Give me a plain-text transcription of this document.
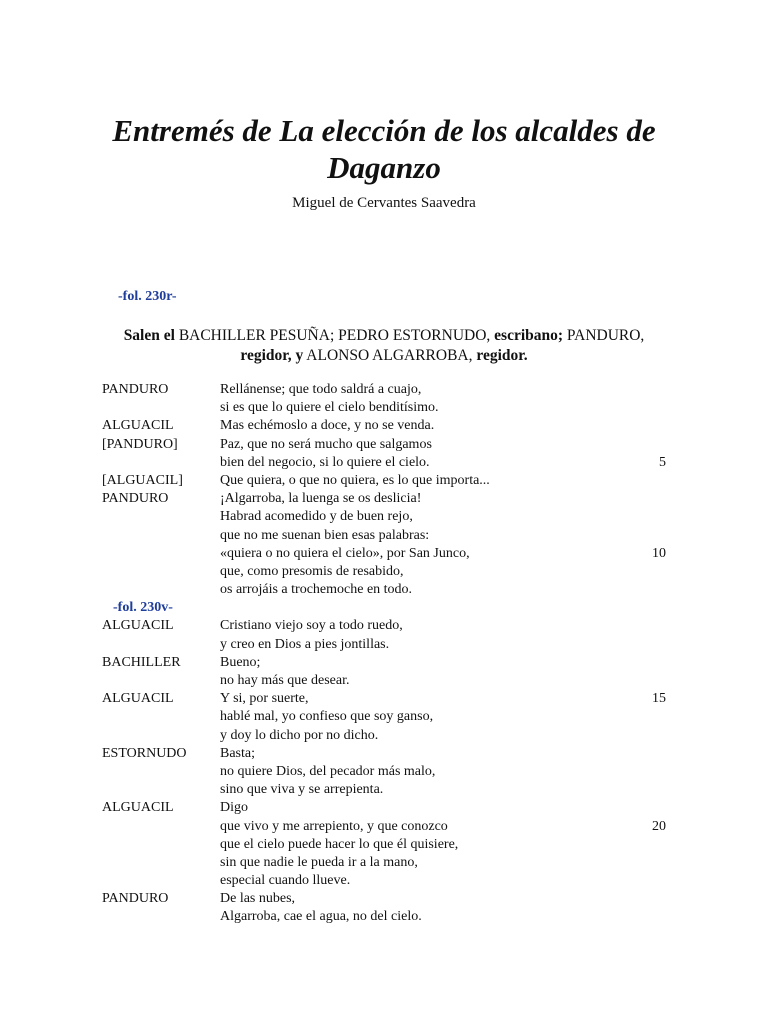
Entremés de La elección de los alcaldes de Daganzo
Miguel de Cervantes Saavedra
-fol. 230r-
Salen el BACHILLER PESUÑA; PEDRO ESTORNUDO, escribano; PANDURO,
regidor, y ALONSO ALGARROBA, regidor.
PANDURO	Rellánense; que todo saldrá a cuajo,
si es que lo quiere el cielo benditísimo.
ALGUACIL	Mas echémoslo a doce, y no se venda.
[PANDURO]	Paz, que no será mucho que salgamos
bien del negocio, si lo quiere el cielo.	5
[ALGUACIL]	Que quiera, o que no quiera, es lo que importa...
PANDURO	¡Algarroba, la luenga se os deslicia!
Habrad acomedido y de buen rejo,
que no me suenan bien esas palabras:
«quiera o no quiera el cielo», por San Junco,	10
que, como presomis de resabido,
os arrojáis a trochemoche en todo.
-fol. 230v-
ALGUACIL	Cristiano viejo soy a todo ruedo,
y creo en Dios a pies jontillas.
BACHILLER	Bueno;
no hay más que desear.
ALGUACIL	Y si, por suerte,	15
hablé mal, yo confieso que soy ganso,
y doy lo dicho por no dicho.
ESTORNUDO Basta;
no quiere Dios, del pecador más malo,
sino que viva y se arrepienta.
ALGUACIL	Digo
que vivo y me arrepiento, y que conozco	20
que el cielo puede hacer lo que él quisiere,
sin que nadie le pueda ir a la mano,
especial cuando llueve.
PANDURO	De las nubes,
Algarroba, cae el agua, no del cielo.
